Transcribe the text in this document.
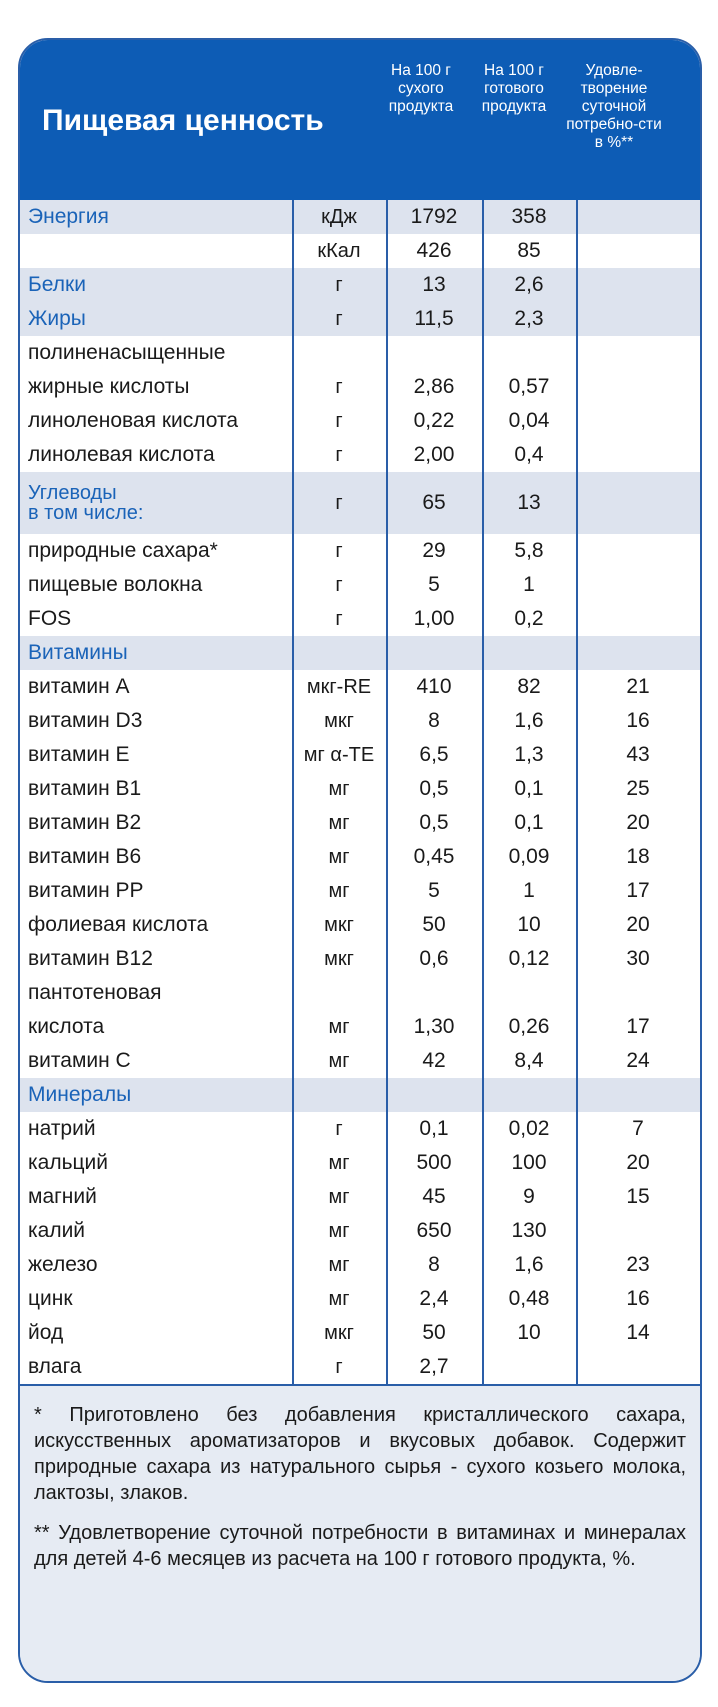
Пищевая ценность
На 100 г сухого продукта
На 100 г готового продукта
Удовле-творение суточной потребно-сти в %**
Энергия	кДж	1792	358
кКал	426	85
Белки	г	13	2,6
Жиры	г	11,5	2,3
полиненасыщенные
жирные кислоты	г	2,86	0,57
линоленовая кислота	г	0,22	0,04
линолевая кислота	г	2,00	0,4
Углеводы
в том числе:	г	65	13
природные сахара*	г	29	5,8
пищевые волокна	г	5	1
FOS	г	1,00	0,2
Витамины
витамин А	мкг-RE	410	82	21
витамин D3	мкг	8	1,6	16
витамин Е	мг α-TE	6,5	1,3	43
витамин В1	мг	0,5	0,1	25
витамин В2	мг	0,5	0,1	20
витамин В6	мг	0,45	0,09	18
витамин РР	мг	5	1	17
фолиевая кислота	мкг	50	10	20
витамин В12	мкг	0,6	0,12	30
пантотеновая
кислота	мг	1,30	0,26	17
витамин С	мг	42	8,4	24
Минералы
натрий	г	0,1	0,02	7
кальций	мг	500	100	20
магний	мг	45	9	15
калий	мг	650	130
железо	мг	8	1,6	23
цинк	мг	2,4	0,48	16
йод	мкг	50	10	14
влага	г	2,7

* Приготовлено без добавления кристаллического сахара, искусственных ароматизаторов и вкусовых добавок. Содержит природные сахара из натурального сырья - сухого козьего молока, лактозы, злаков.

** Удовлетворение суточной потребности в витаминах и минералах для детей 4-6 месяцев из расчета на 100 г готового продукта, %.
